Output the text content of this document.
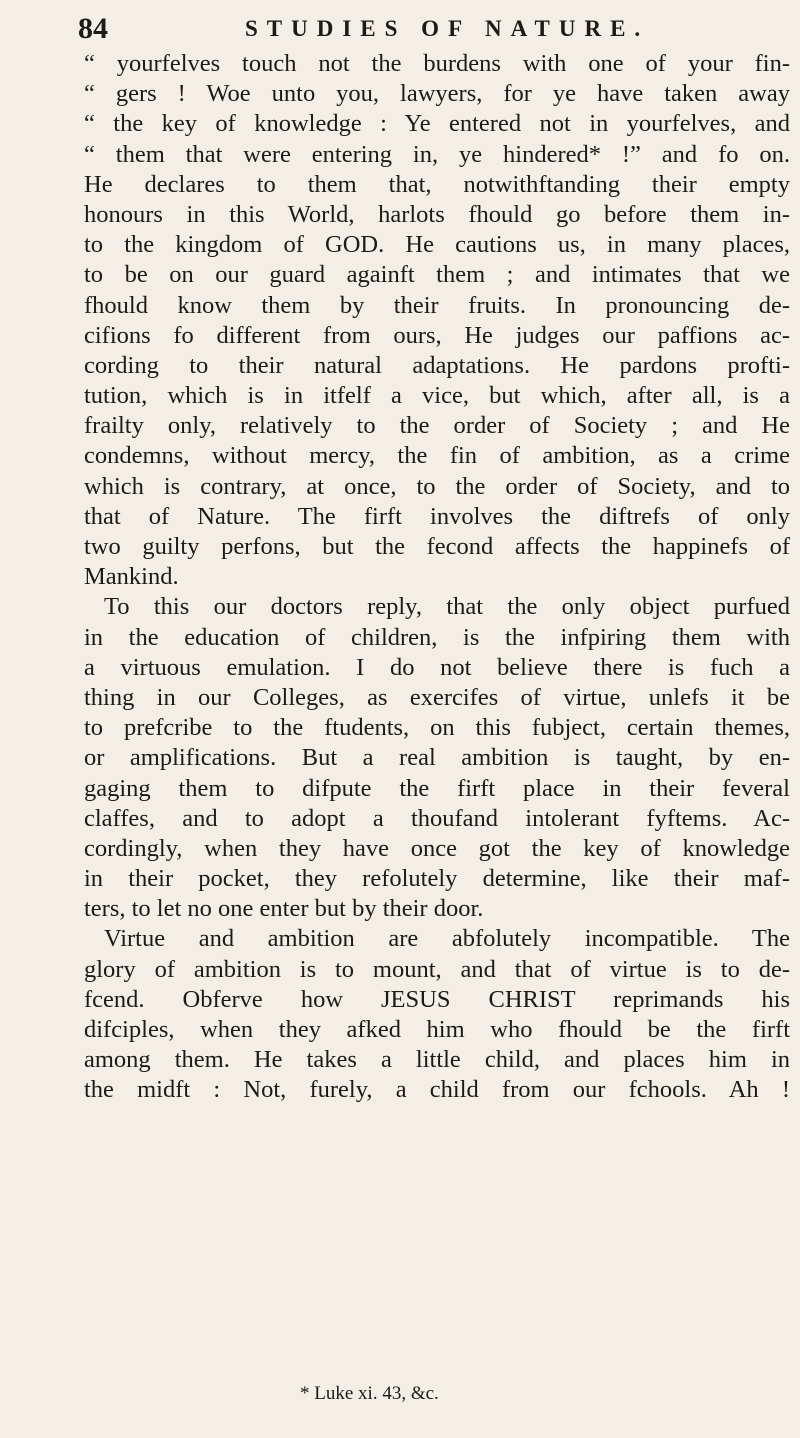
84	STUDIES OF NATURE.
“ yourfelves touch not the burdens with one of your fin-
“ gers ! Woe unto you, lawyers, for ye have taken away
“ the key of knowledge : Ye entered not in yourfelves, and
“ them that were entering in, ye hindered* !” and fo on.
He declares to them that, notwithftanding their empty
honours in this World, harlots fhould go before them in-
to the kingdom of GOD. He cautions us, in many places,
to be on our guard againft them ; and intimates that we
fhould know them by their fruits. In pronouncing de-
cifions fo different from ours, He judges our paffions ac-
cording to their natural adaptations. He pardons profti-
tution, which is in itfelf a vice, but which, after all, is a
frailty only, relatively to the order of Society ; and He
condemns, without mercy, the fin of ambition, as a crime
which is contrary, at once, to the order of Society, and to
that of Nature. The firft involves the diftrefs of only
two guilty perfons, but the fecond affects the happinefs of
Mankind.
To this our doctors reply, that the only object purfued
in the education of children, is the infpiring them with
a virtuous emulation. I do not believe there is fuch a
thing in our Colleges, as exercifes of virtue, unlefs it be
to prefcribe to the ftudents, on this fubject, certain themes,
or amplifications. But a real ambition is taught, by en-
gaging them to difpute the firft place in their feveral
claffes, and to adopt a thoufand intolerant fyftems. Ac-
cordingly, when they have once got the key of knowledge
in their pocket, they refolutely determine, like their maf-
ters, to let no one enter but by their door.
Virtue and ambition are abfolutely incompatible. The
glory of ambition is to mount, and that of virtue is to de-
fcend. Obferve how JESUS CHRIST reprimands his
difciples, when they afked him who fhould be the firft
among them. He takes a little child, and places him in
the midft : Not, furely, a child from our fchools. Ah !
* Luke xi. 43, &c.
